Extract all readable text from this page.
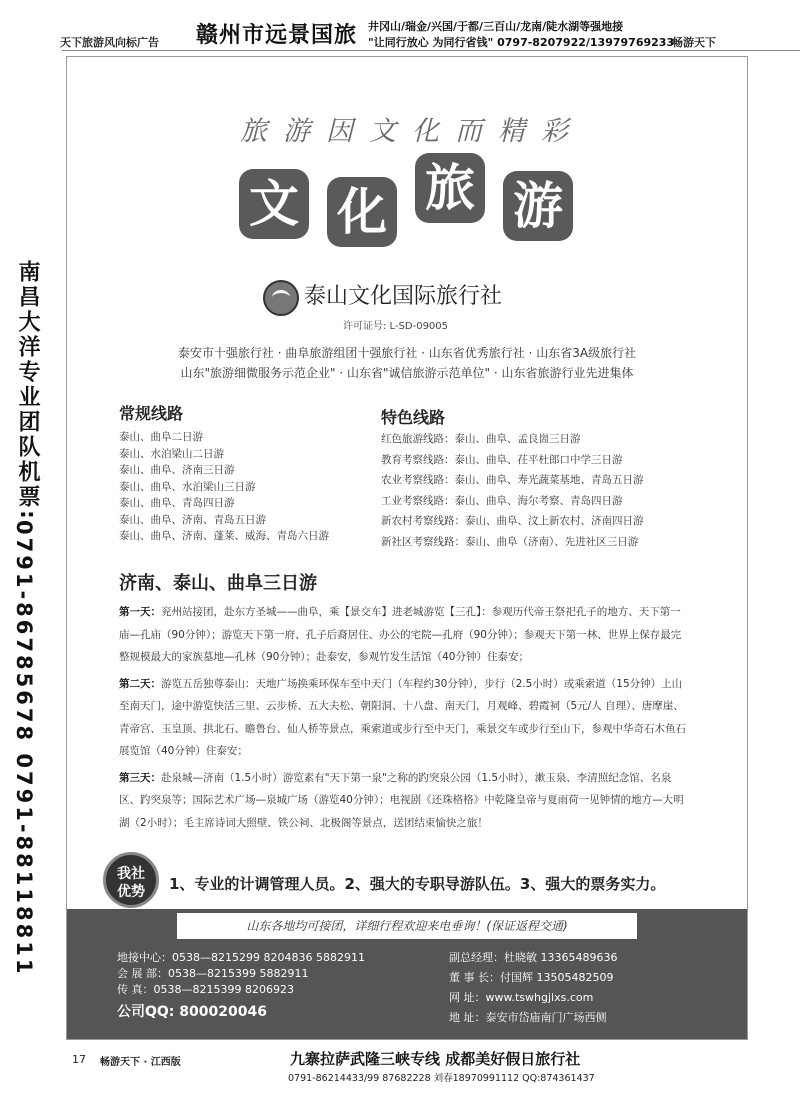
天下旅游风向标广告 赣州市远景国旅 井冈山/瑞金/兴国/于都/三百山/龙南/陡水湖等强地接
"让同行放心 为同行省钱" 0797-8207922/13979769233
畅游天下
南昌大洋专业团队机票:
0791-86785678 0791-88118811
旅游因文化而精彩
文 化 旅 游
泰山文化国际旅行社
许可证号: L-SD-09005
泰安市十强旅行社 · 曲阜旅游组团十强旅行社 · 山东省优秀旅行社 · 山东省3A级旅行社
山东"旅游细微服务示范企业" · 山东省"诚信旅游示范单位" · 山东省旅游行业先进集体
常规线路
泰山、曲阜二日游
泰山、水泊梁山二日游
泰山、曲阜、济南三日游
泰山、曲阜、水泊梁山三日游
泰山、曲阜、青岛四日游
泰山、曲阜、济南、青岛五日游
泰山、曲阜、济南、蓬莱、威海、青岛六日游
特色线路
红色旅游线路：泰山、曲阜、孟良崮三日游
教育考察线路：泰山、曲阜、茌平杜郎口中学三日游
农业考察线路：泰山、曲阜、寿光蔬菜基地、青岛五日游
工业考察线路：泰山、曲阜、海尔考察、青岛四日游
新农村考察线路：泰山、曲阜、汶上新农村、济南四日游
新社区考察线路：泰山、曲阜（济南）、先进社区三日游
济南、泰山、曲阜三日游

第一天：兖州站接团，赴东方圣城——曲阜，乘【景交车】进老城游览【三孔】：参观历代帝王祭祀孔子的地方、天下第一庙—孔庙（90分钟）；游览天下第一府、孔子后裔居住、办公的宅院—孔府（90分钟）；参观天下第一林、世界上保存最完整规模最大的家族墓地—孔林（90分钟）；赴泰安，参观竹发生活馆（40分钟）住泰安；

第二天：游览五岳独尊泰山：天地广场换乘环保车至中天门（车程约30分钟），步行（2.5小时）或乘索道（15分钟）上山至南天门，途中游览快活三里、云步桥、五大夫松、朝阳洞、十八盘、南天门，月观峰、碧霞祠（5元/人 自理）、唐摩崖、青帝宫、玉皇顶、拱北石、瞻鲁台、仙人桥等景点，乘索道或步行至中天门，乘景交车或步行至山下，参观中华奇石木鱼石展览馆（40分钟）住泰安；

第三天：赴泉城—济南（1.5小时）游览素有"天下第一泉"之称的趵突泉公园（1.5小时），漱玉泉、李清照纪念馆、名泉区、趵突泉等；国际艺术广场—泉城广场（游览40分钟）；电视剧《还珠格格》中乾隆皇帝与夏雨荷一见钟情的地方—大明湖（2小时）；毛主席诗词大照壁、铁公祠、北极阁等景点，送团结束愉快之旅！

我社
优势	1、专业的计调管理人员。2、强大的专职导游队伍。3、强大的票务实力。
山东各地均可接团，详细行程欢迎来电垂询！(保证返程交通)
地接中心：0538—8215299 8204836 5882911
会 展 部：0538—8215399 5882911
传 真：0538—8215399 8206923
公司QQ: 800020046
副总经理：杜晓敏 13365489636
董 事 长：付国辉 13505482509
网 址：www.tswhgjlxs.com
地 址：泰安市岱庙南门广场西侧
17 畅游天下 · 江西版	九寨拉萨武隆三峡专线 成都美好假日旅行社
0791-86214433/99 87682228 刘春18970991112 QQ:874361437
